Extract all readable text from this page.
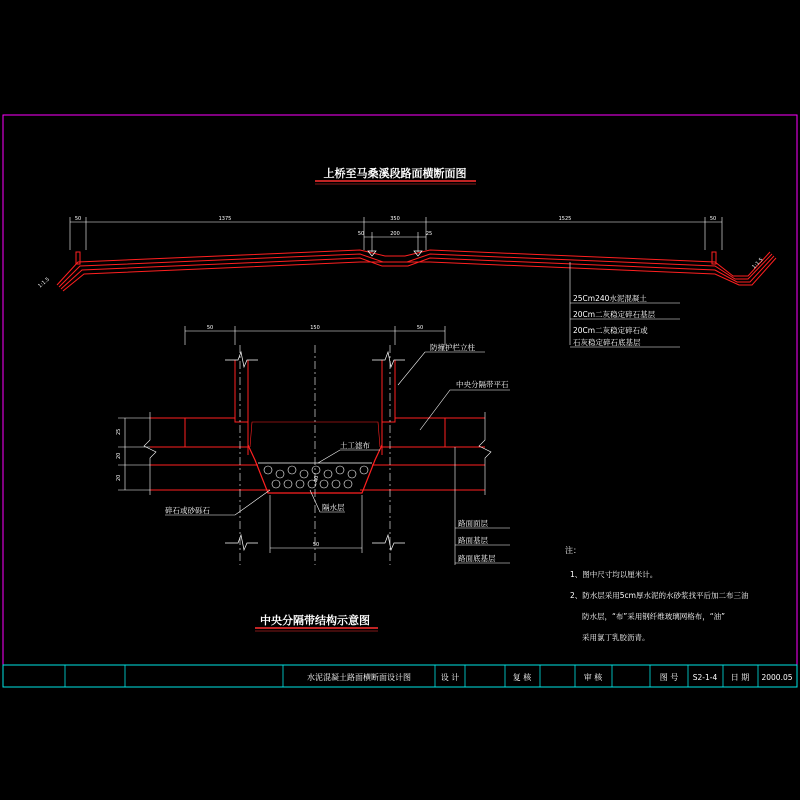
上桥至马桑溪段路面横断面图
50	1375	350	1525	50
50	200	25
1:1.5
1:1.5
25Cm240水泥混凝土
20Cm二灰稳定碎石基层
20Cm二灰稳定碎石或
石灰稳定碎石底基层
50	150	50
50
25
20
20	40
防撞护栏立柱
中央分隔带平石
土工滤布
碎石或砂砾石	隔水层
路面面层
路面基层
路面底基层
中央分隔带结构示意图
注：
1、图中尺寸均以厘米计。
2、防水层采用5cm厚水泥的水砂浆找平后加二布三油
防水层，“布”采用钢纤维玻璃网格布，“油”
采用氯丁乳胶沥青。
水泥混凝土路面横断面设计图	设 计	复 核	审 核	图 号 S2-1-4 日 期 2000.05
